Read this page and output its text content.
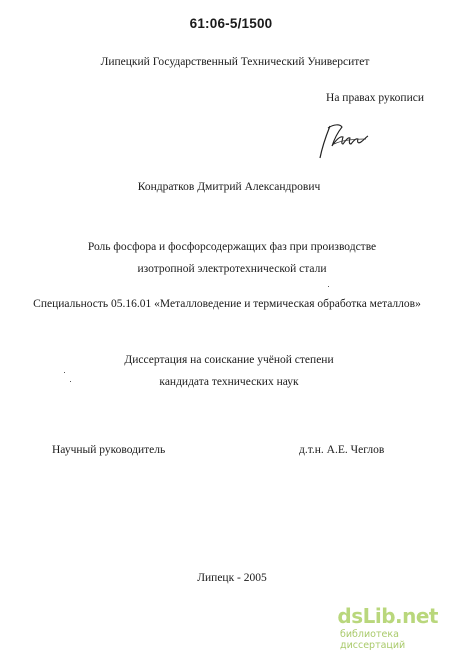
61:06-5/1500
Липецкий Государственный Технический Университет
На правах рукописи
Кондратков Дмитрий Александрович
Роль фосфора и фосфорсодержащих фаз при производстве
изотропной электротехнической стали
Специальность 05.16.01 «Металловедение и термическая обработка металлов»
Диссертация на соискание учёной степени
кандидата технических наук
Научный руководитель	д.т.н. А.Е. Чеглов
Липецк - 2005
dsLib.net
библиотека диссертаций
